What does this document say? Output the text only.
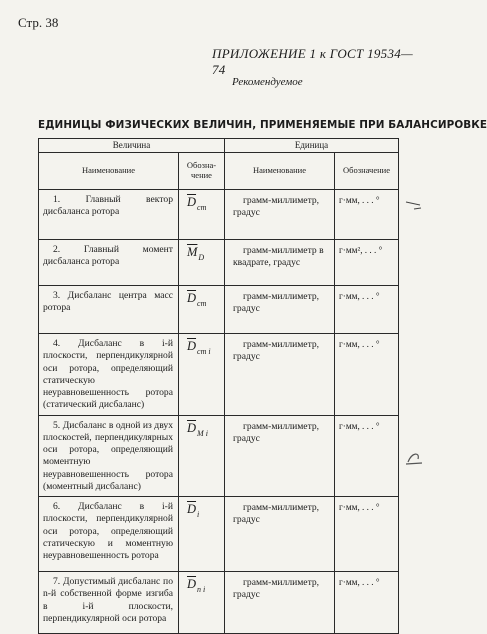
Стр. 38
ПРИЛОЖЕНИЕ 1 к ГОСТ 19534—74
Рекомендуемое
ЕДИНИЦЫ ФИЗИЧЕСКИХ ВЕЛИЧИН, ПРИМЕНЯЕМЫЕ ПРИ БАЛАНСИРОВКЕ
Величина		Единица	
Наименование	Обозна-чение	Наименование	Обозначение
1. Главный вектор дисбаланса ротора	$\overline{D}_{ст}$	грамм-миллиметр, градус	г·мм, . . . °
2. Главный момент дисбаланса ротора	$\overline{M}_D$	грамм-миллиметр в квадрате, градус	г·мм², . . . °
3. Дисбаланс центра масс ротора	$\overline{D}_{ст}$	грамм-миллиметр, градус	г·мм, . . . °
4. Дисбаланс в i-й плоскости, перпендикулярной оси ротора, определяющий статическую неуравновешенность ротора (статический дисбаланс)	$\overline{D}_{ст i}$	грамм-миллиметр, градус	г·мм, . . . °
5. Дисбаланс в одной из двух плоскостей, перпендикулярных оси ротора, определяющий моментную неуравновешенность ротора (моментный дисбаланс)	$\overline{D}_{M i}$	грамм-миллиметр, градус	г·мм, . . . °
6. Дисбаланс в i-й плоскости, перпендикулярной оси ротора, определяющий статическую и моментную неуравновешенность ротора	$\overline{D}_i$	грамм-миллиметр, градус	г·мм, . . . °
7. Допустимый дисбаланс по n-й собственной форме изгиба в i-й плоскости, перпендикулярной оси ротора	$\overline{D}_{n i}$	грамм-миллиметр, градус	г·мм, . . . °
